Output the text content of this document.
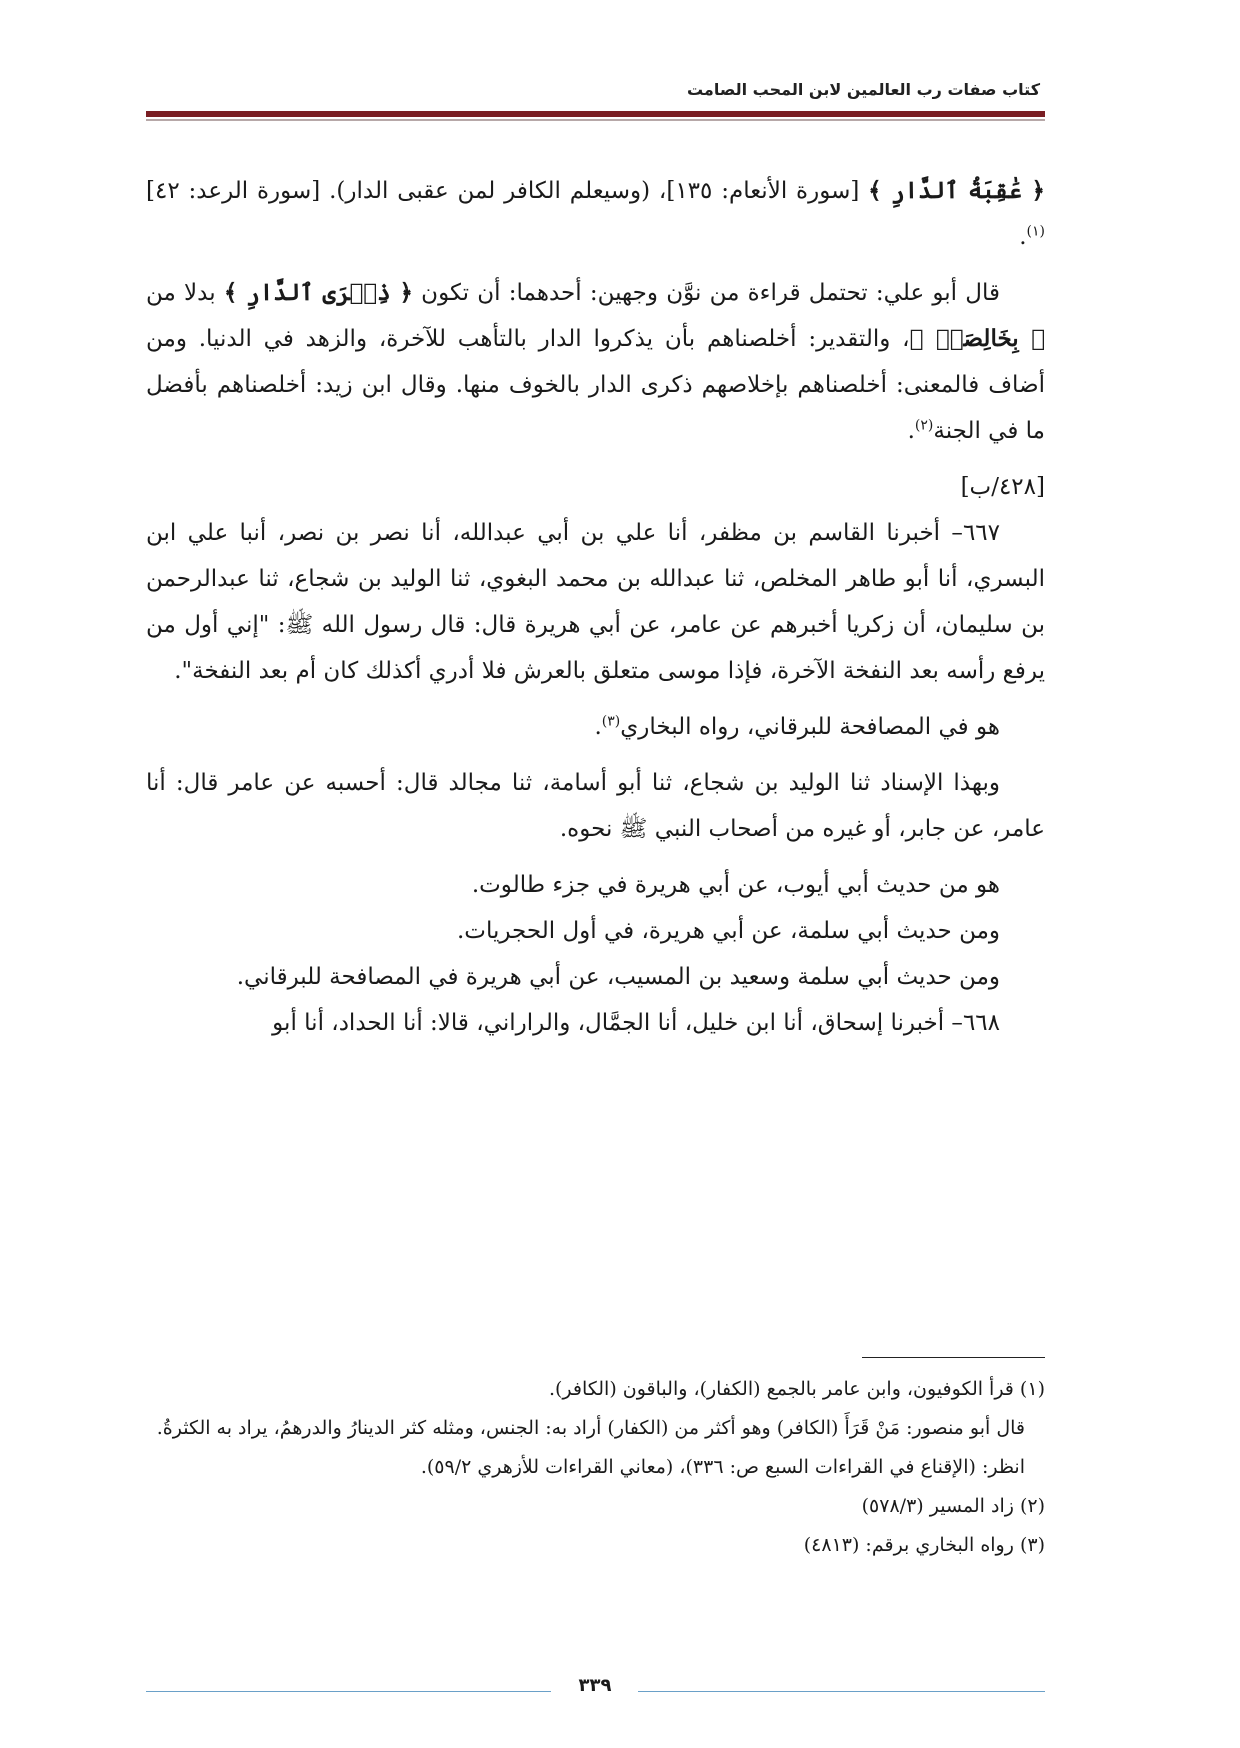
كتاب صفات رب العالمين لابن المحب الصامت

﴿ عَٰقِبَةُ ٱلدَّارِ ﴾ [سورة الأنعام: ١٣٥]، (وسيعلم الكافر لمن عقبى الدار). [سورة الرعد: ٤٢]$^{(١)}$.

قال أبو علي: تحتمل قراءة من نوَّن وجهين: أحدهما: أن تكون ﴿ ذِكۡرَى ٱلدَّارِ ﴾ بدلا من ﴿ بِخَالِصَةٖ ﴾، والتقدير: أخلصناهم بأن يذكروا الدار بالتأهب للآخرة، والزهد في الدنيا. ومن أضاف فالمعنى: أخلصناهم بإخلاصهم ذكرى الدار بالخوف منها. وقال ابن زيد: أخلصناهم بأفضل ما في الجنة$^{(٢)}$.

[٤٢٨/ب]

٦٦٧– أخبرنا القاسم بن مظفر، أنا علي بن أبي عبدالله، أنا نصر بن نصر، أنبا علي ابن البسري، أنا أبو طاهر المخلص، ثنا عبدالله بن محمد البغوي، ثنا الوليد بن شجاع، ثنا عبدالرحمن بن سليمان، أن زكريا أخبرهم عن عامر، عن أبي هريرة قال: قال رسول الله ﷺ: "إني أول من يرفع رأسه بعد النفخة الآخرة، فإذا موسى متعلق بالعرش فلا أدري أكذلك كان أم بعد النفخة".

هو في المصافحة للبرقاني، رواه البخاري$^{(٣)}$.

وبهذا الإسناد ثنا الوليد بن شجاع، ثنا أبو أسامة، ثنا مجالد قال: أحسبه عن عامر قال: أنا عامر، عن جابر، أو غيره من أصحاب النبي ﷺ نحوه.

هو من حديث أبي أيوب، عن أبي هريرة في جزء طالوت.
ومن حديث أبي سلمة، عن أبي هريرة، في أول الحجريات.
ومن حديث أبي سلمة وسعيد بن المسيب، عن أبي هريرة في المصافحة للبرقاني.
٦٦٨– أخبرنا إسحاق، أنا ابن خليل، أنا الجمَّال، والراراني، قالا: أنا الحداد، أنا أبو
(١) قرأ الكوفيون، وابن عامر بالجمع (الكفار)، والباقون (الكافر).
قال أبو منصور: مَنْ قَرَأَ (الكافر) وهو أكثر من (الكفار) أراد به: الجنس، ومثله كثر الدينارُ والدرهمُ، يراد به الكثرةُ. انظر: (الإقناع في القراءات السبع ص: ٣٣٦)، (معاني القراءات للأزهري ٥٩/٢).
(٢) زاد المسير (٥٧٨/٣)
(٣) رواه البخاري برقم: (٤٨١٣)
٣٣٩
